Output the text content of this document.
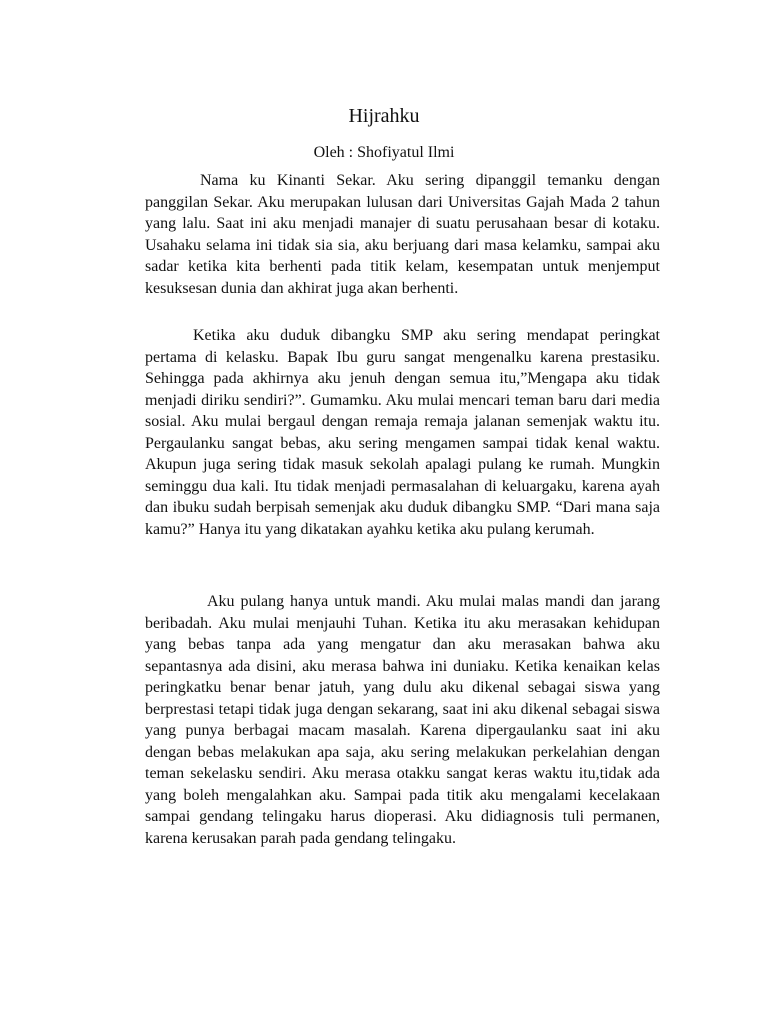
Hijrahku

Oleh : Shofiyatul Ilmi

Nama ku Kinanti Sekar. Aku sering dipanggil temanku dengan panggilan Sekar. Aku merupakan lulusan dari Universitas Gajah Mada 2 tahun yang lalu. Saat ini aku menjadi manajer di suatu perusahaan besar di kotaku. Usahaku selama ini tidak sia sia, aku berjuang dari masa kelamku, sampai aku sadar ketika kita berhenti pada titik kelam, kesempatan untuk menjemput kesuksesan dunia dan akhirat juga akan berhenti.

Ketika aku duduk dibangku SMP aku sering mendapat peringkat pertama di kelasku. Bapak Ibu guru sangat mengenalku karena prestasiku. Sehingga pada akhirnya aku jenuh dengan semua itu,”Mengapa aku tidak menjadi diriku sendiri?”. Gumamku. Aku mulai mencari teman baru dari media sosial. Aku mulai bergaul dengan remaja remaja jalanan semenjak waktu itu. Pergaulanku sangat bebas, aku sering mengamen sampai tidak kenal waktu. Akupun juga sering tidak masuk sekolah apalagi pulang ke rumah. Mungkin seminggu dua kali. Itu tidak menjadi permasalahan di keluargaku, karena ayah dan ibuku sudah berpisah semenjak aku duduk dibangku SMP. “Dari mana saja kamu?” Hanya itu yang dikatakan ayahku ketika aku pulang kerumah.

Aku pulang hanya untuk mandi. Aku mulai malas mandi dan jarang beribadah. Aku mulai menjauhi Tuhan. Ketika itu aku merasakan kehidupan yang bebas tanpa ada yang mengatur dan aku merasakan bahwa aku sepantasnya ada disini, aku merasa bahwa ini duniaku. Ketika kenaikan kelas peringkatku benar benar jatuh, yang dulu aku dikenal sebagai siswa yang berprestasi tetapi tidak juga dengan sekarang, saat ini aku dikenal sebagai siswa yang punya berbagai macam masalah. Karena dipergaulanku saat ini aku dengan bebas melakukan apa saja, aku sering melakukan perkelahian dengan teman sekelasku sendiri. Aku merasa otakku sangat keras waktu itu,tidak ada yang boleh mengalahkan aku. Sampai pada titik aku mengalami kecelakaan sampai gendang telingaku harus dioperasi. Aku didiagnosis tuli permanen, karena kerusakan parah pada gendang telingaku.
